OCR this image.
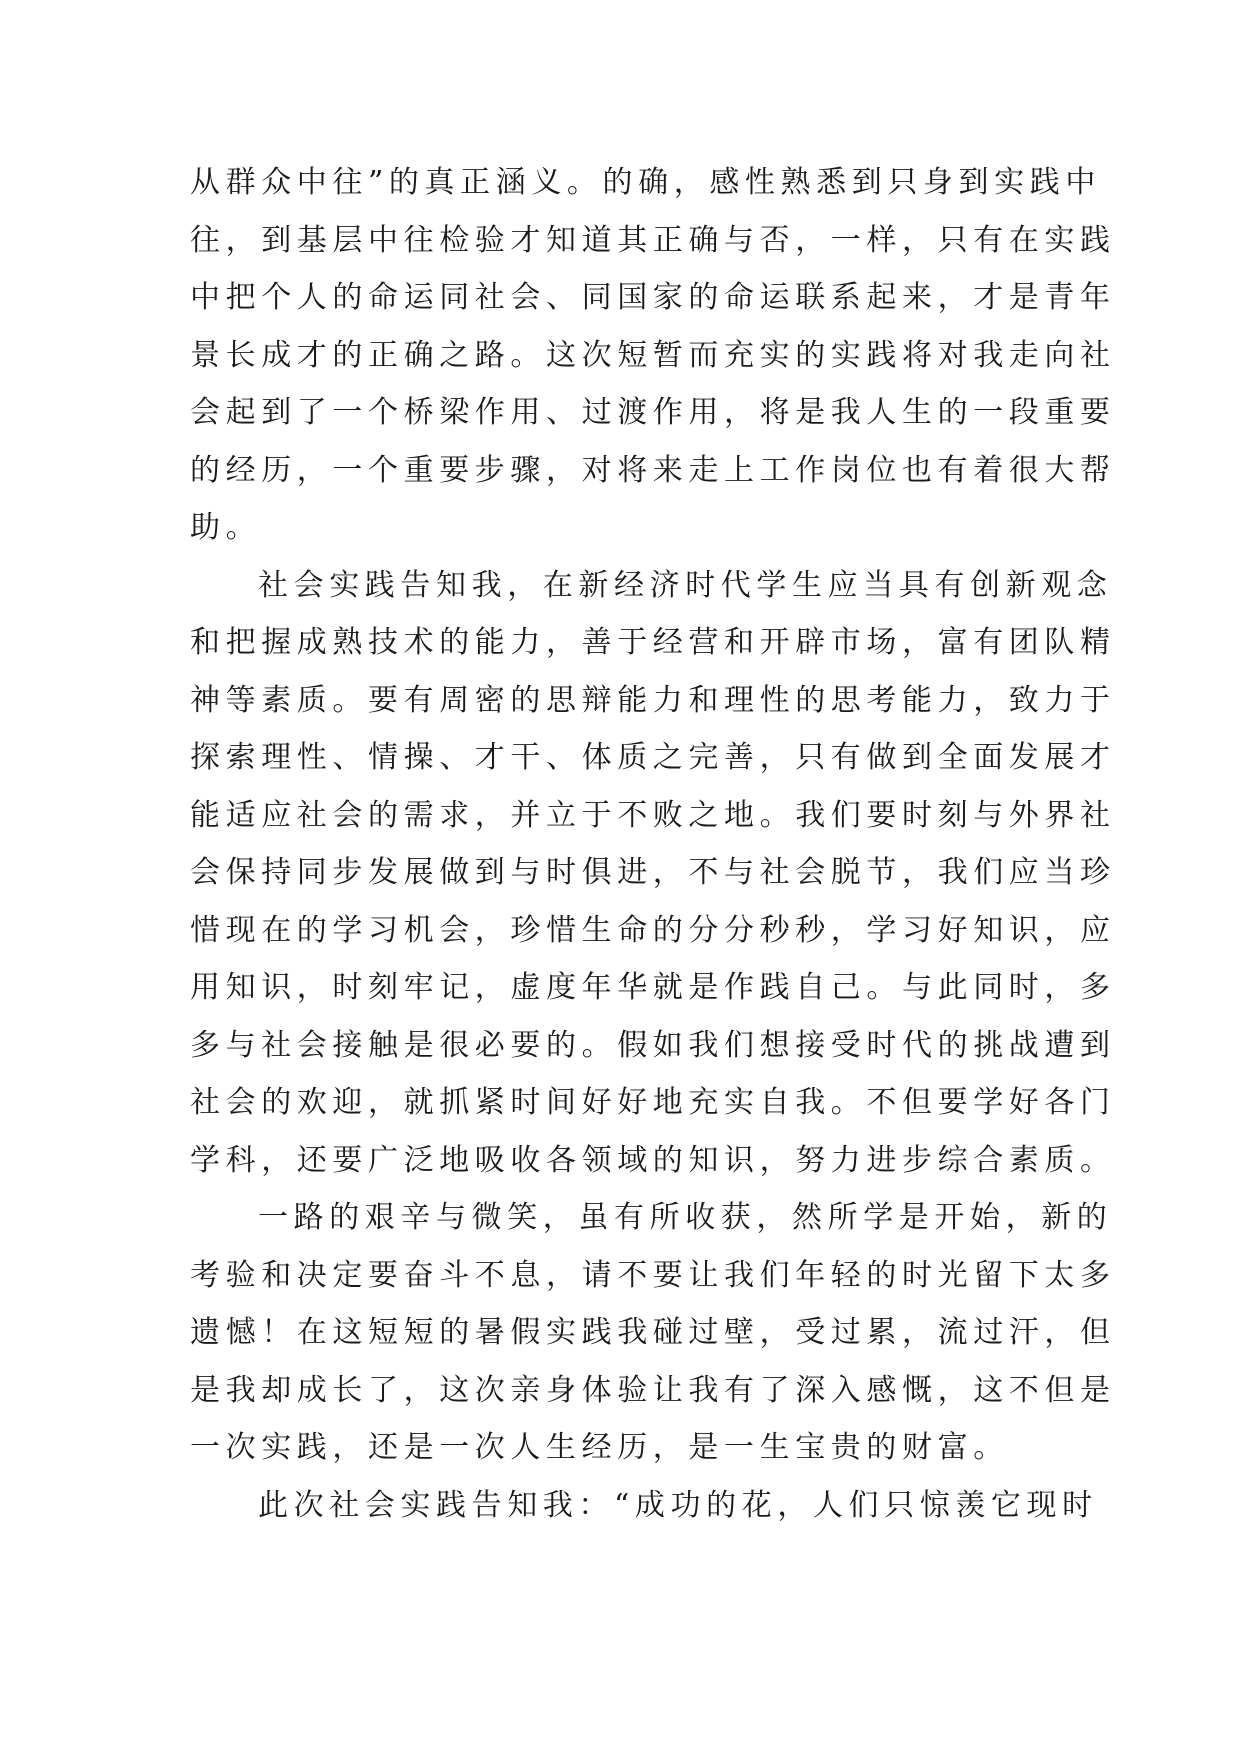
从群众中往”的真正涵义。的确，感性熟悉到只身到实践中
往，到基层中往检验才知道其正确与否，一样，只有在实践
中把个人的命运同社会、同国家的命运联系起来，才是青年
景长成才的正确之路。这次短暂而充实的实践将对我走向社
会起到了一个桥梁作用、过渡作用，将是我人生的一段重要
的经历，一个重要步骤，对将来走上工作岗位也有着很大帮
助。
社会实践告知我，在新经济时代学生应当具有创新观念
和把握成熟技术的能力，善于经营和开辟市场，富有团队精
神等素质。要有周密的思辩能力和理性的思考能力，致力于
探索理性、情操、才干、体质之完善，只有做到全面发展才
能适应社会的需求，并立于不败之地。我们要时刻与外界社
会保持同步发展做到与时俱进，不与社会脱节，我们应当珍
惜现在的学习机会，珍惜生命的分分秒秒，学习好知识，应
用知识，时刻牢记，虚度年华就是作践自己。与此同时，多
多与社会接触是很必要的。假如我们想接受时代的挑战遭到
社会的欢迎，就抓紧时间好好地充实自我。不但要学好各门
学科，还要广泛地吸收各领域的知识，努力进步综合素质。
一路的艰辛与微笑，虽有所收获，然所学是开始，新的
考验和决定要奋斗不息，请不要让我们年轻的时光留下太多
遗憾！在这短短的暑假实践我碰过壁，受过累，流过汗，但
是我却成长了，这次亲身体验让我有了深入感慨，这不但是
一次实践，还是一次人生经历，是一生宝贵的财富。
此次社会实践告知我：“成功的花，人们只惊羡它现时
